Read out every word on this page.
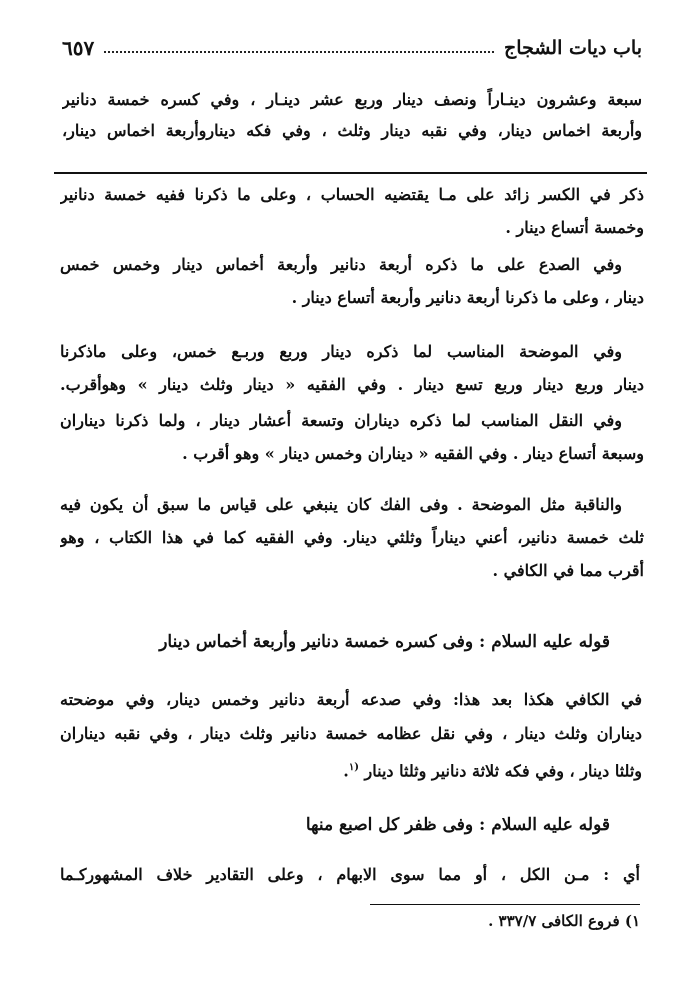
باب ديات الشجاج
٦٥٧
سبعة وعشرون دينـاراً ونصف دينار وربع عشر دينـار ، وفي كسره خمسة دنانير
وأربعة اخماس دينار، وفي نقبه دينار وثلث ، وفي فكه ديناروأربعة اخماس دينار،
ذكر في الكسر زائد على مـا يقتضيه الحساب ، وعلى ما ذكرنا ففيه خمسة دنانير
وخمسة أتساع دينار .
وفي الصدع على ما ذكره أربعة دنانير وأربعة أخماس دينار وخمس خمس
دينار ، وعلى ما ذكرنا أربعة دنانير وأربعة أتساع دينار .
وفي الموضحة المناسب لما ذكره دينار وربع وربـع خمس، وعلى ماذكرنا
دينار وربع دينار وربع تسع دينار . وفي الفقيه « دينار وثلث دينار » وهوأقرب.
وفي النقل المناسب لما ذكره ديناران وتسعة أعشار دينار ، ولما ذكرنا ديناران
وسبعة أتساع دينار . وفي الفقيه « ديناران وخمس دينار » وهو أقرب .
والناقبة مثل الموضحة . وفى الفك كان ينبغي على قياس ما سبق أن يكون فيه
ثلث خمسة دنانير، أعني ديناراً وثلثي دينار. وفي الفقيه كما في هذا الكتاب ، وهو
أقرب مما في الكافي .
قوله عليه السلام : وفى كسره خمسة دنانير وأربعة أخماس دينار
في الكافي هكذا بعد هذا: وفي صدعه أربعة دنانير وخمس دينار، وفي موضحته
ديناران وثلث دينار ، وفي نقل عظامه خمسة دنانير وثلث دينار ، وفي نقبه ديناران
وثلثا دينار ، وفي فكه ثلاثة دنانير وثلثا دينار $^{(١}$.
قوله عليه السلام : وفى ظفر كل اصبع منها
أي : مـن الكل ، أو مما سوى الابهام ، وعلى التقادير خلاف المشهوركـما
١) فروع الكافى ٣٣٧/٧ .
